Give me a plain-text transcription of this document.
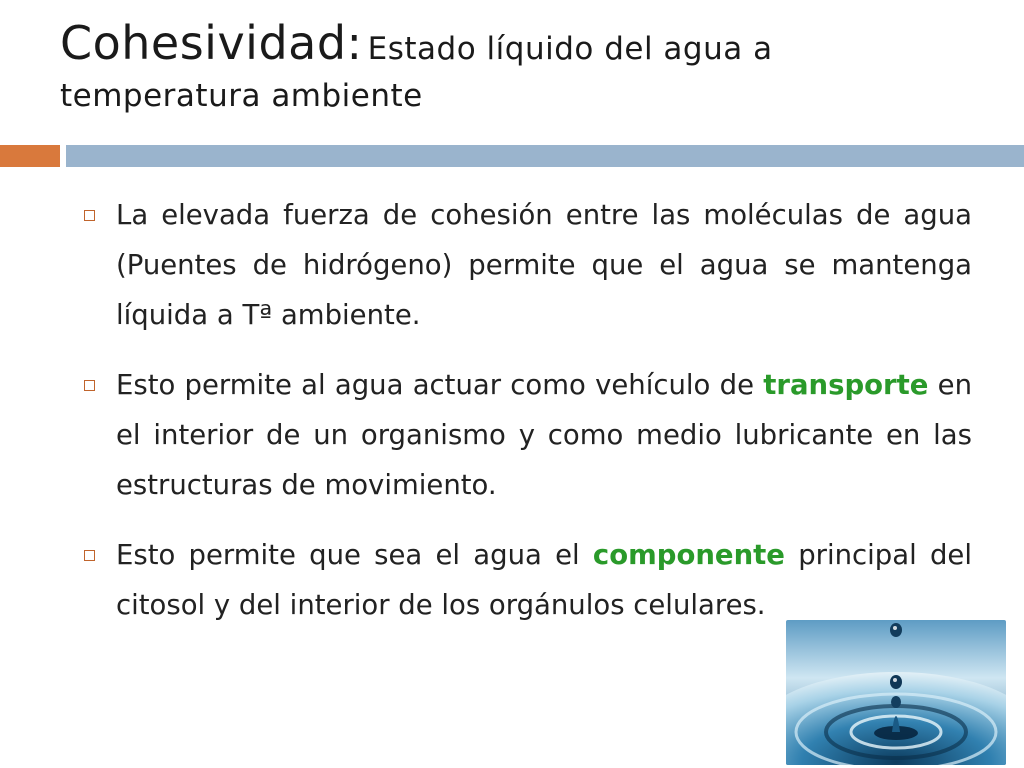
Cohesividad: Estado líquido del agua a
temperatura ambiente
La elevada fuerza de cohesión entre las moléculas de agua (Puentes de hidrógeno) permite que el agua se mantenga líquida a Tª ambiente.
Esto permite al agua actuar como vehículo de transporte en el interior de un organismo y como medio lubricante en las estructuras de movimiento.
Esto permite que sea el agua el componente principal del citosol y del interior de los orgánulos celulares.
